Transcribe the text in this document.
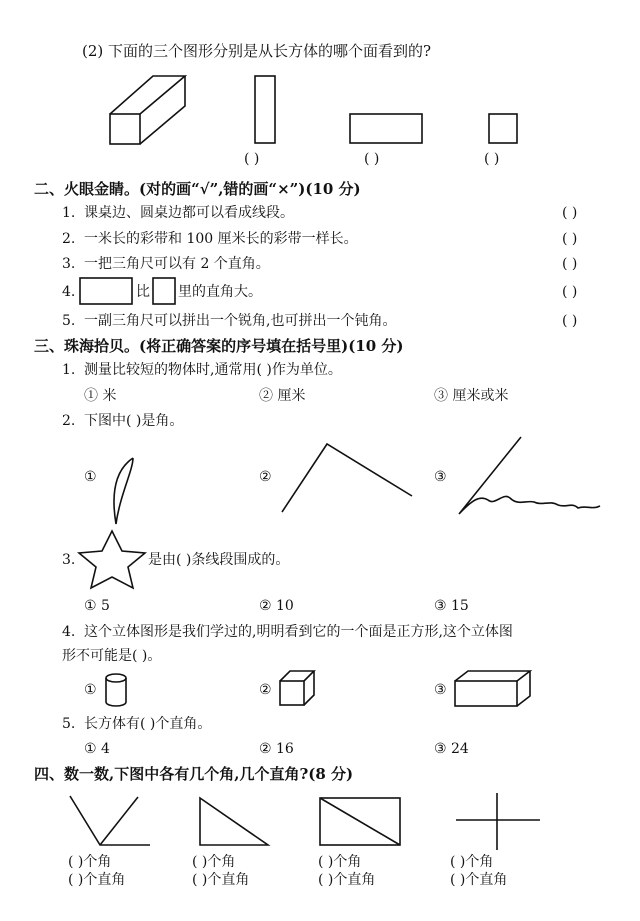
(2) 下面的三个图形分别是从长方体的哪个面看到的?
( )	( )	( )
二、火眼金睛。(对的画“√”,错的画“×”)(10 分)
1. 课桌边、圆桌边都可以看成线段。	( )
2. 一米长的彩带和 100 厘米长的彩带一样长。	( )
3. 一把三角尺可以有 2 个直角。	( )
4.	比 里的直角大。	( )
5. 一副三角尺可以拼出一个锐角,也可拼出一个钝角。	( )
三、珠海拾贝。(将正确答案的序号填在括号里)(10 分)
1. 测量比较短的物体时,通常用( )作为单位。
① 米	② 厘米	③ 厘米或米
2. 下图中( )是角。
①	②	③
3.	是由( )条线段围成的。
① 5	② 10	③ 15
4. 这个立体图形是我们学过的,明明看到它的一个面是正方形,这个立体图
形不可能是( )。
①	②	③
5. 长方体有( )个直角。
① 4	② 16	③ 24
四、数一数,下图中各有几个角,几个直角?(8 分)
( )个角
( )个直角
( )个角
( )个直角
( )个角
( )个直角
( )个角
( )个直角
